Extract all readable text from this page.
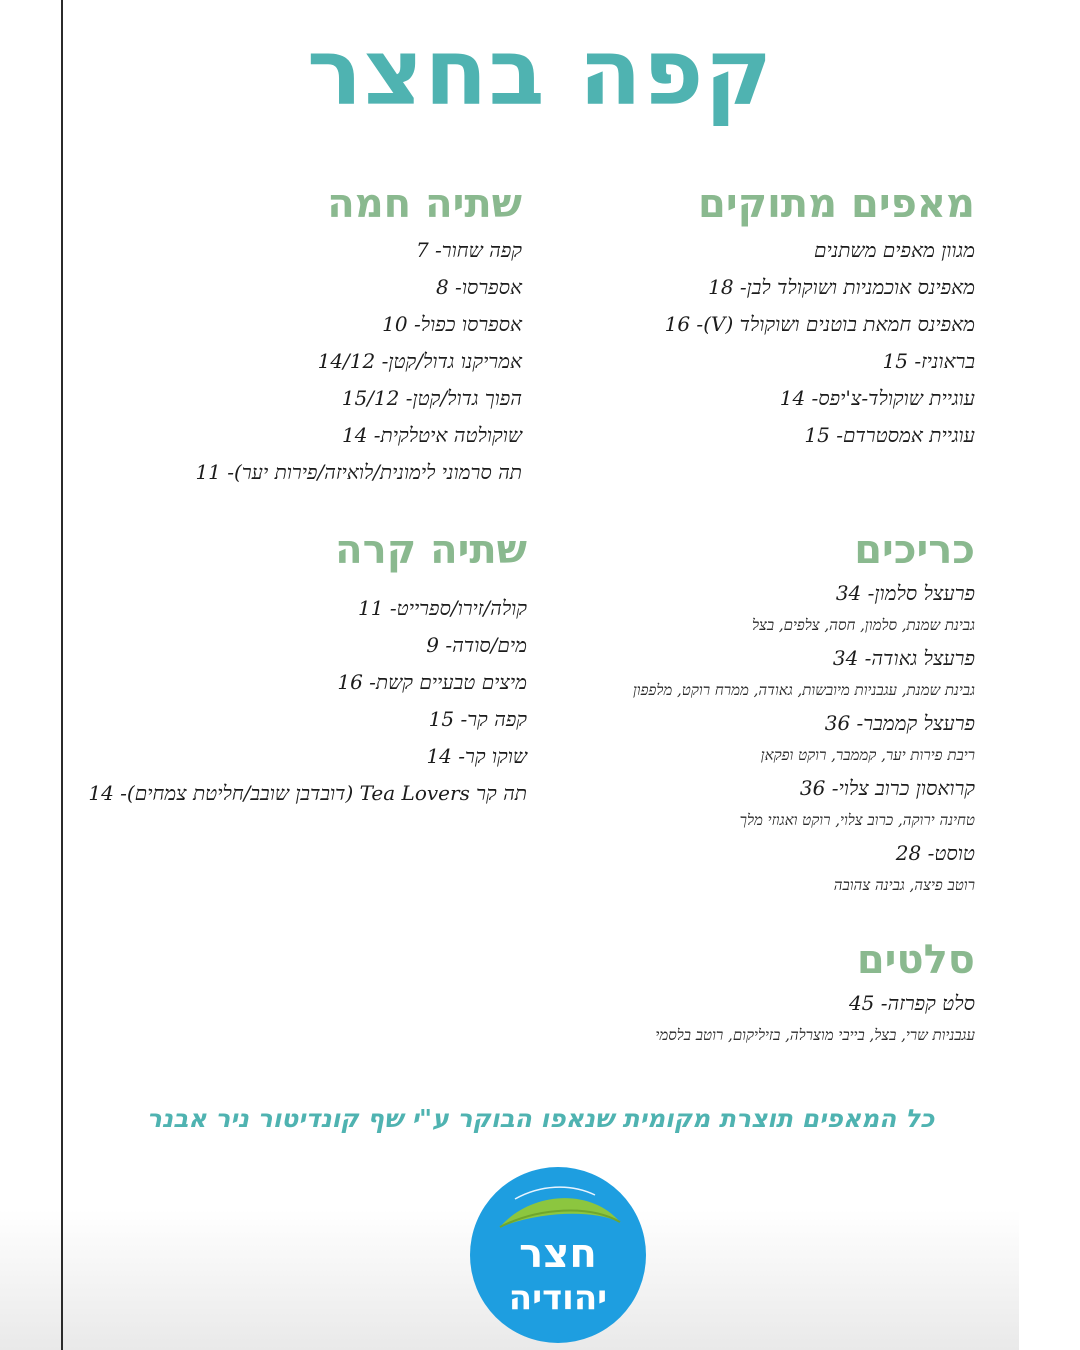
קפה בחצר
שתיה חמה
קפה שחור- 7
אספרסו- 8
אספרסו כפול- 10
אמריקנו גדול/קטן- 14/12
הפוך גדול/קטן- 15/12
שוקולטה איטלקית- 14
תה סרמוני לימונית/לואיזה/פירות יער)- 11
מאפים מתוקים
מגוון מאפים משתנים
מאפינס אוכמניות ושוקולד לבן- 18
מאפינס חמאת בוטנים ושוקולד (V)- 16
בראוניז- 15
עוגיית שוקולד-צ'יפס- 14
עוגיית אמסטרדם- 15
שתיה קרה
קולה/זירו/ספרייט- 11
מים/סודה- 9
מיצים טבעיים קשת- 16
קפה קר- 15
שוקו קר- 14
תה קר Tea Lovers (דובדבן שובב/חליטת צמחים)- 14
כריכים
פרעצל סלמון- 34
גבינת שמנת, סלמון, חסה, צלפים, בצל
פרעצל גאודה- 34
גבינת שמנת, עגבניות מיובשות, גאודה, ממרח רוקט, מלפפון
פרעצל קממבר- 36
ריבת פירות יער, קממבר, רוקט ופקאן
קרואסון כרוב צלוי- 36
טחינה ירוקה, כרוב צלוי, רוקט ואגוזי מלך
טוסט- 28
רוטב פיצה, גבינה צהובה
סלטים
סלט קפרזה- 45
עגבניות שרי, בצל, בייבי מוצרלה, בזיליקום, רוטב בלסמי
כל המאפים תוצרת מקומית שנאפו הבוקר ע"י שף קונדיטור ניר אבנר
חצר
יהודיה
